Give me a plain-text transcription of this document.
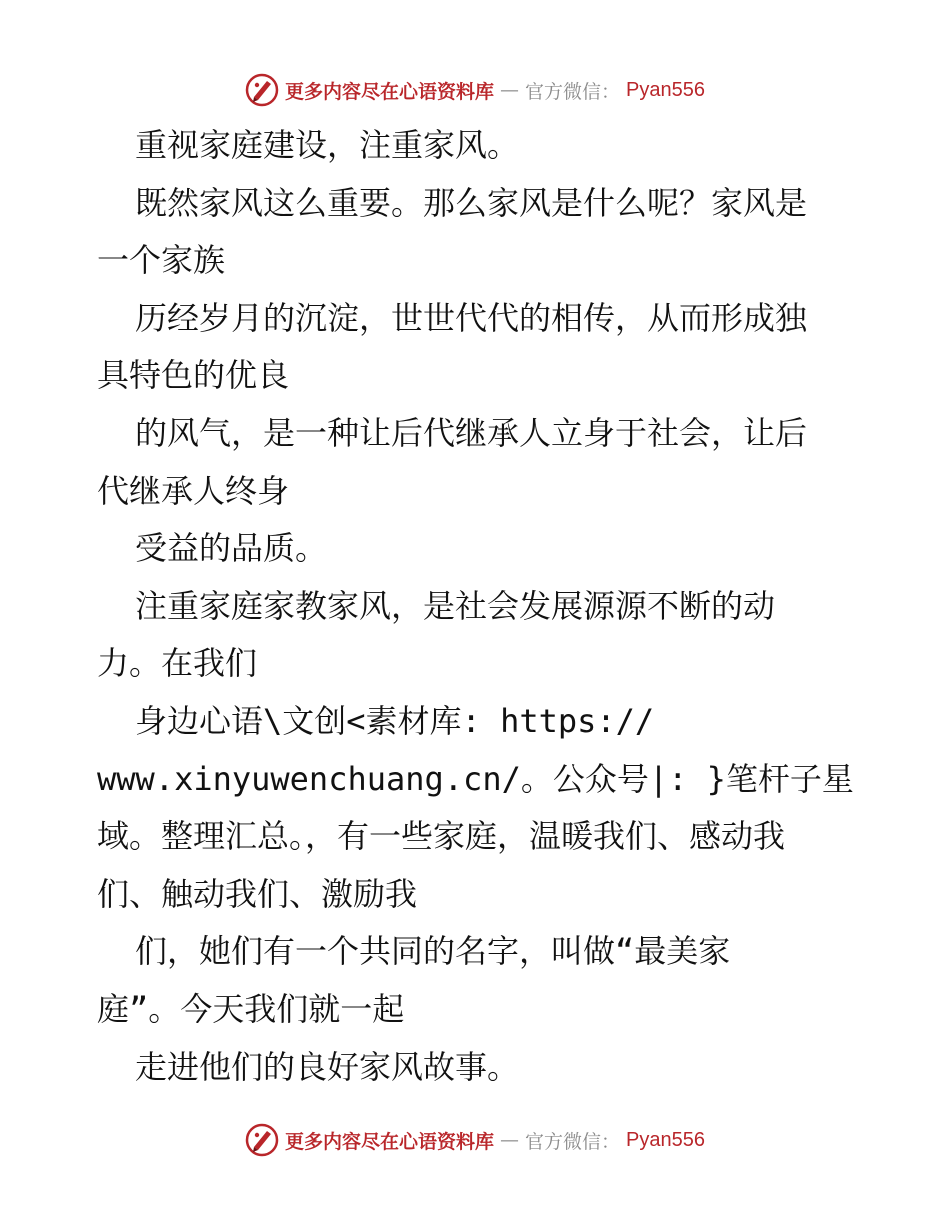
更多内容尽在心语资料库 — 官方微信： Pyan556

重视家庭建设，注重家风。

既然家风这么重要。那么家风是什么呢？家风是

一个家族

历经岁月的沉淀，世世代代的相传，从而形成独

具特色的优良

的风气，是一种让后代继承人立身于社会，让后

代继承人终身

受益的品质。

注重家庭家教家风，是社会发展源源不断的动

力。在我们

身边心语\文创<素材库: https://

www.xinyuwenchuang.cn/。公众号|: }笔杆子星

域。整理汇总。，有一些家庭，温暖我们、感动我

们、触动我们、激励我

们，她们有一个共同的名字，叫做“最美家

庭”。今天我们就一起

走进他们的良好家风故事。

更多内容尽在心语资料库 — 官方微信： Pyan556
